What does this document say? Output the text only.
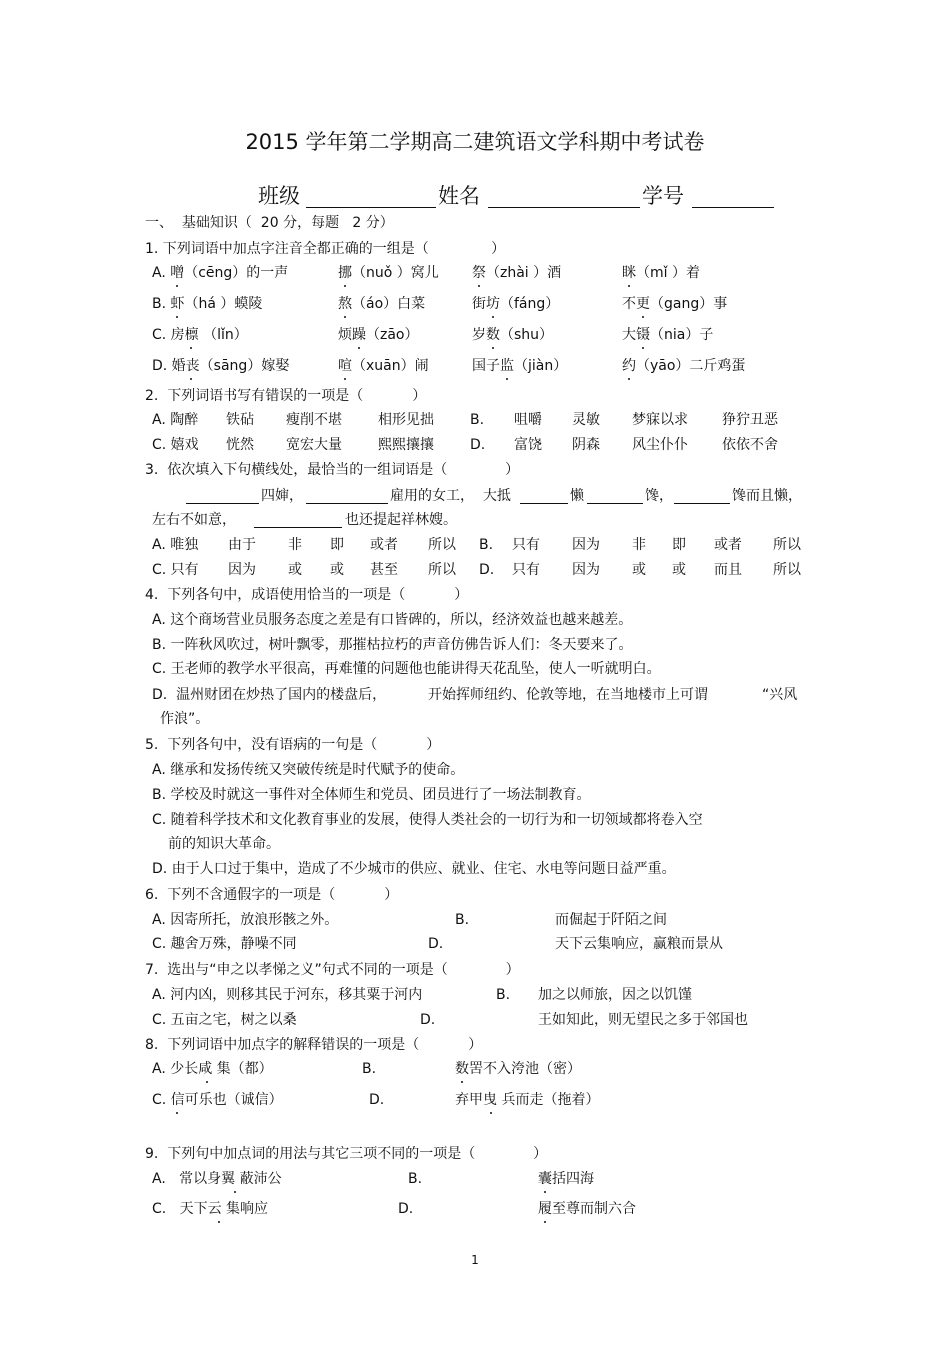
2015 学年第二学期高二建筑语文学科期中考试卷
班级	姓名	学号
一、  基础知识（  20 分，每题   2 分）
1. 下列词语中加点字注音全都正确的一组是（              ）
A. 噌（cēng）的一声	挪（nuǒ ）窝儿 祭（zhài ）酒	眯（mǐ ）着
B. 虾（há ）蟆陵	熬（áo）白菜	街坊（fáng）	不更（gang）事
C. 房檩 （lǐn）	烦躁（zāo）	岁数（shu）	大镊（nia）子
D. 婚丧（sāng）嫁娶	喧（xuān）闹	国子监（jiàn）	约（yāo）二斤鸡蛋
2.  下列词语书写有错误的一项是（           ）
A. 陶醉 铁砧 瘦削不堪	相形见拙	B. 咀嚼 灵敏 梦寐以求 狰狞丑恶
C. 嬉戏 恍然 宽宏大量	熙熙攘攘	D. 富饶 阴森 风尘仆仆 依依不舍
3.  依次填入下句横线处，最恰当的一组词语是（             ）
四婶，	雇用的女工，  大抵	懒	馋，	馋而且懒，
左右不如意，	也还提起祥林嫂。
A. 唯独 由于 非 即 或者 所以 B. 只有 因为 非 即 或者 所以
C. 只有 因为 或 或 甚至 所以 D. 只有 因为 或 或 而且 所以
4.  下列各句中，成语使用恰当的一项是（           ）
A. 这个商场营业员服务态度之差是有口皆碑的，所以，经济效益也越来越差。
B. 一阵秋风吹过，树叶飘零，那摧枯拉朽的声音仿佛告诉人们：冬天要来了。
C. 王老师的教学水平很高，再难懂的问题他也能讲得天花乱坠，使人一听就明白。
D.  温州财团在炒热了国内的楼盘后，	开始挥师纽约、伦敦等地，在当地楼市上可谓	“兴风
作浪”。
5.  下列各句中，没有语病的一句是（           ）
A. 继承和发扬传统又突破传统是时代赋予的使命。
B. 学校及时就这一事件对全体师生和党员、团员进行了一场法制教育。
C. 随着科学技术和文化教育事业的发展，使得人类社会的一切行为和一切领域都将卷入空
前的知识大革命。
D. 由于人口过于集中，造成了不少城市的供应、就业、住宅、水电等问题日益严重。
6.  下列不含通假字的一项是（           ）
A. 因寄所托，放浪形骸之外。	B.	而倔起于阡陌之间
C. 趣舍万殊，静噪不同	D.	天下云集响应，赢粮而景从
7.  选出与“申之以孝悌之义”句式不同的一项是（             ）
A. 河内凶，则移其民于河东，移其粟于河内	B. 加之以师旅，因之以饥馑
C. 五亩之宅，树之以桑	D.	王如知此，则无望民之多于邻国也
8.  下列词语中加点字的解释错误的一项是（           ）
A. 少长咸 集（都）	B.	数罟不入洿池（密）
C. 信可乐也（诚信）	D.	弃甲曳 兵而走（拖着）
9.  下列句中加点词的用法与其它三项不同的一项是（             ）
A.   常以身翼 蔽沛公	B.	囊括四海
C.   天下云 集响应	D.	履至尊而制六合
1
